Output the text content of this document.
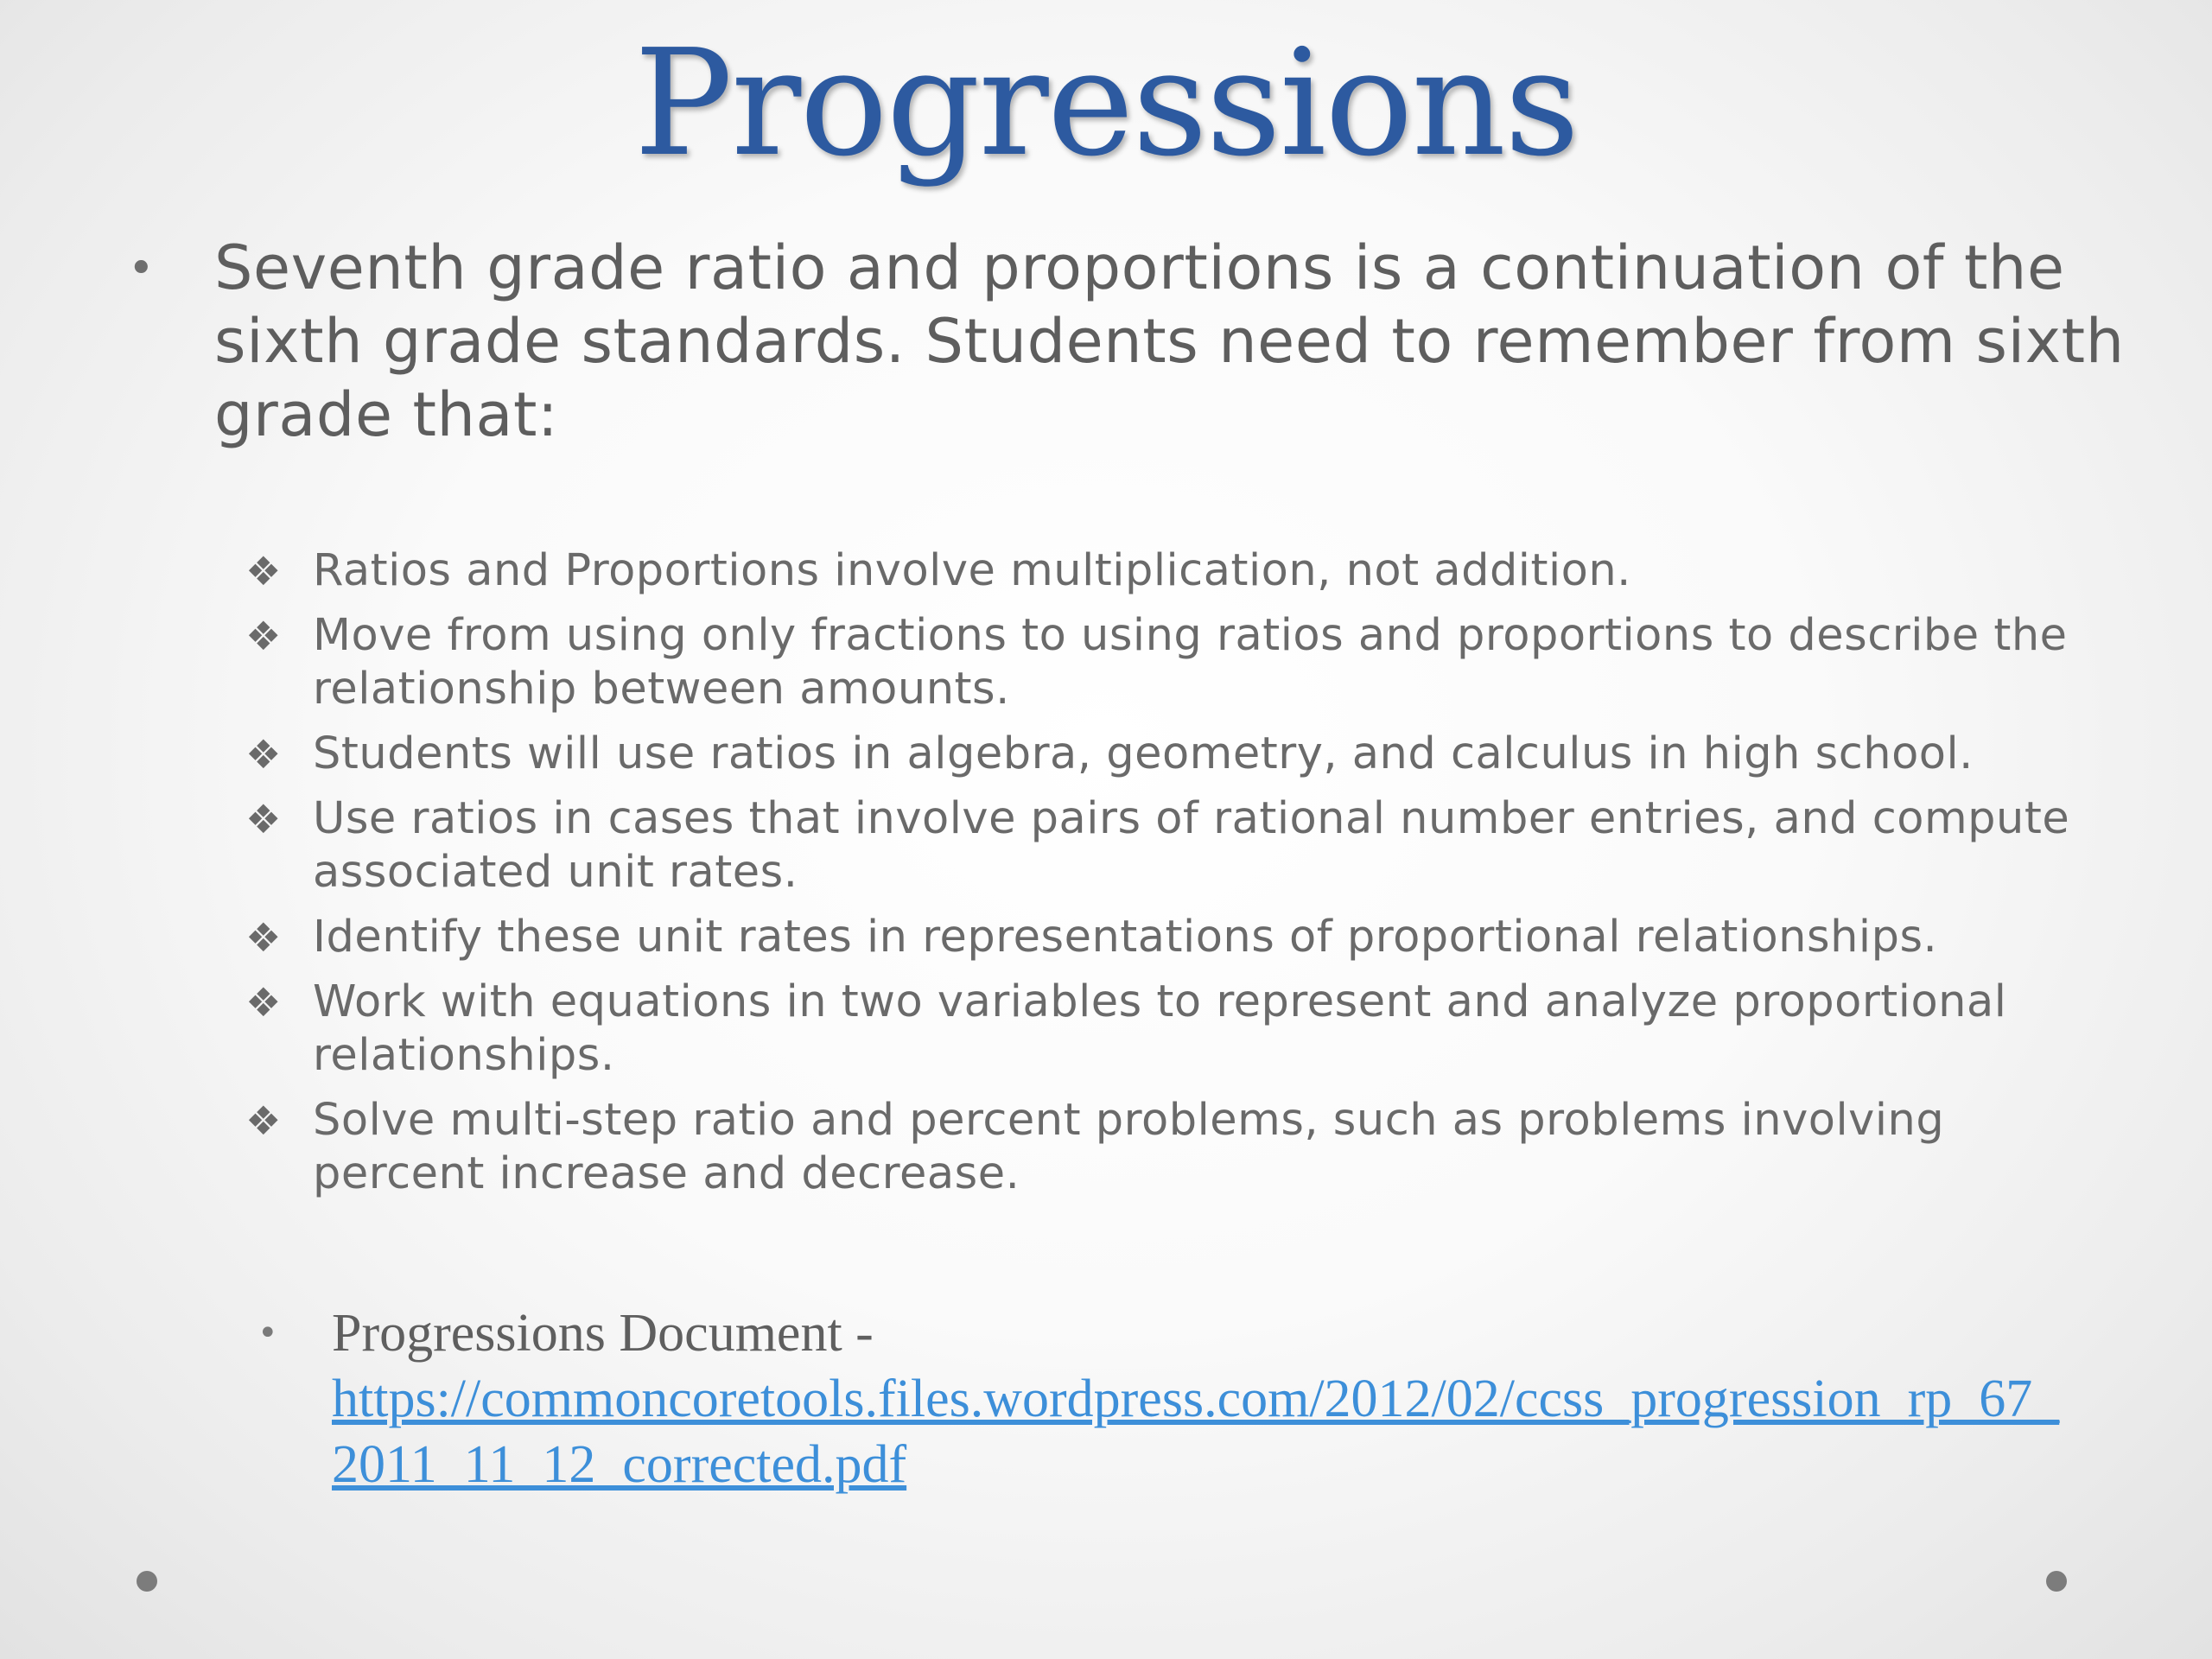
Progressions
• Seventh grade ratio and proportions is a continuation of the sixth grade standards. Students need to remember from sixth grade that:
❖ Ratios and Proportions involve multiplication, not addition.
❖ Move from using only fractions to using ratios and proportions to describe the relationship between amounts.
❖ Students will use ratios in algebra, geometry, and calculus in high school.
❖ Use ratios in cases that involve pairs of rational number entries, and compute associated unit rates.
❖ Identify these unit rates in representations of proportional relationships.
❖ Work with equations in two variables to represent and analyze proportional relationships.
❖ Solve multi-step ratio and percent problems, such as problems involving percent increase and decrease.
• Progressions Document -
https://commoncoretools.files.wordpress.com/2012/02/ccss_progression_rp_67_2011_11_12_corrected.pdf
